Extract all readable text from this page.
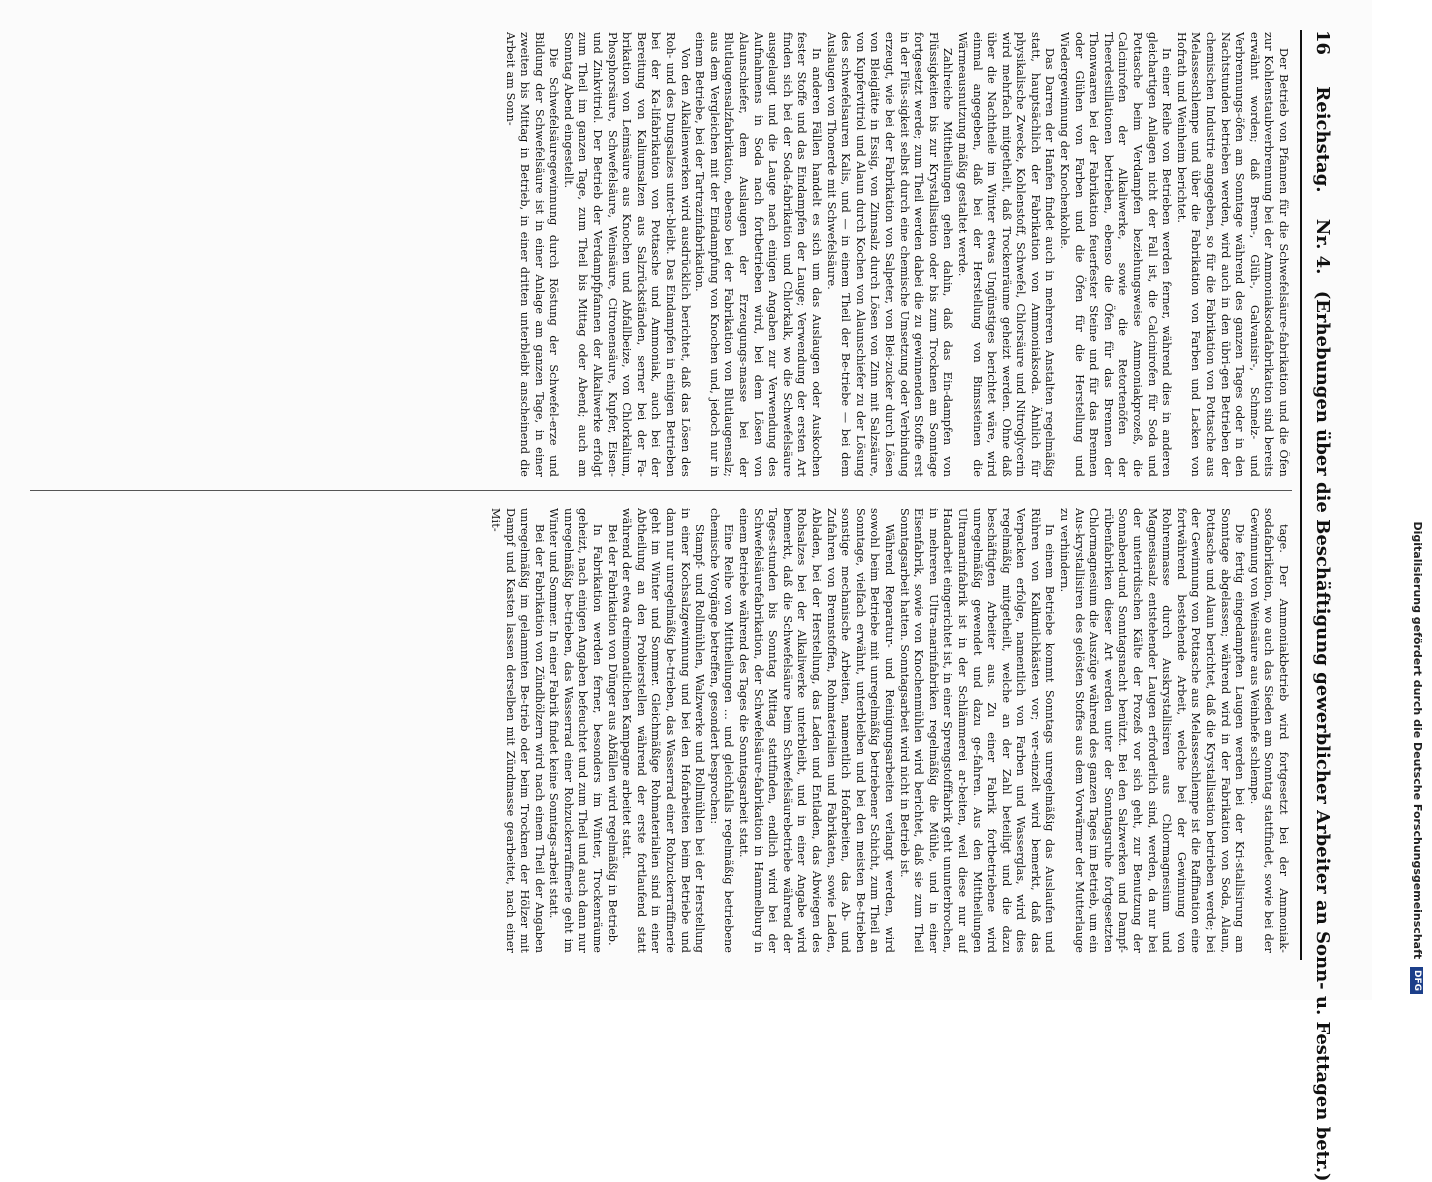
16 Reichstag. Nr. 4. (Erhebungen über die Beschäftigung gewerblicher Arbeiter an Sonn- u. Festtagen betr.)

Der Betrieb von Pfannen für die Schwefelsäure-fabrikation und die Öfen zur Kohlenstaubverbrennung bei der Ammoniaksodafabrikation sind bereits erwähnt worden; daß Brenn-, Glüh-, Galvanisir-, Schmelz- und Verbrennungs-öfen am Sonntage während des ganzen Tages oder in den Nachtstunden betrieben werden, wird auch in den übri-gen Betrieben der chemischen Industrie angegeben, so für die Fabrikation von Pottasche aus Melasseschlempe und über die Fabrikation von Farben und Lacken von Hofrath und Weinheim berichtet.

In einer Reihe von Betrieben werden ferner, während dies in anderen gleichartigen Anlagen nicht der Fall ist, die Calcinirofen für Soda und Pottasche beim Verdampfen beziehungsweise Ammoniakprozeß, die Calcinirofen der Alkaliwerke, sowie die Retortenöfen der Theerdestillationen betrieben, ebenso die Öfen für das Brennen der Thonwaaren bei der Fabrikation feuerfester Steine und für das Brennen oder Glühen von Farben und die Öfen für die Herstellung und Wiedergewinnung der Knochenkohle.

Das Darren der Hanfen findet auch in mehreren Anstalten regelmäßig statt, hauptsächlich der Fabrikation von Ammoniaksoda. Ähnlich für physikalische Zwecke, Kohlenstoff, Schwefel, Chlorsäure und Nitroglycerin wird mehrfach mitgetheilt, daß Trockenräume geheizt werden. Ohne daß über die Nachtheile im Winter etwas Ungünstiges berichtet wäre, wird einmal angegeben, daß bei der Herstellung von Bimssteinen die Wärmeausnutzung mäßig gestaltet werde.

Zahlreiche Mittheilungen gehen dahin, daß das Ein-dampfen von Flüssigkeiten bis zur Krystallisation oder bis zum Trocknen am Sonntage fortgesetzt werde; zum Theil werden dabei die zu gewinnenden Stoffe erst in der Flüs-sigkeit selbst durch eine chemische Umsetzung oder Verbindung erzeugt, wie bei der Fabrikation von Salpeter, von Blei-zucker durch Lösen von Bleiglätte in Essig, von Zinnsalz durch Lösen von Zinn mit Salzsäure, von Kupfervitriol und Alaun durch Kochen von Alaunschiefer zu der Lösung des schwefelsauren Kalis, und — in einem Theil der Be-triebe — bei dem Auslaugen von Thonerde mit Schwefelsäure.

In anderen Fällen handelt es sich um das Auslaugen oder Auskochen fester Stoffe und das Eindampfen der Lauge; Verwendung der ersten Art finden sich bei der Soda-fabrikation und Chlorkalk, wo die Schwefelsäure ausgelaugt und die Lauge nach einigen Angaben zur Verwendung des Aufnahmens in Soda nach fortbetrieben wird, bei dem Lösen von Alaunschiefer, dem Auslaugen der Erzeugungs-masse bei der Blutlaugensalzfabrikation, ebenso bei der Fabrikation von Blutlaugensalz; aus dem Vergleichen mit der Eindampfung von Knochen und, jedoch nur in einem Betriebe, bei der Tartrazinfabrikation.

Von den Alkalienwerken wird ausdrücklich berichtet, daß das Lösen des Roh- und des Dungsalzes unter-bleibt. Das Eindampfen in einigen Betrieben bei der Ka-lifabrikation von Pottasche und Ammoniak, auch bei der Bereitung von Kaliumsalzen aus Salzrückständen, serner bei der Fa-brikation von Leimsäure aus Knochen und Abfallbeize, von Chlorkalium, Phosphorsäure, Schwefelsäure, Weinsäure, Citronensäure, Kupfer, Eisen- und Zinkvitriol. Der Betrieb der Verdampfpfannen der Alkaliwerke erfolgt zum Theil im ganzen Tage, zum Theil bis Mittag oder Abend; auch am Sonntag Abend eingestellt.

Die Schwefelsäuregewinnung durch Röstung der Schwefel-erze und Bildung der Schwefelsäure ist in einer Anlage am ganzen Tage, in einer zweiten bis Mittag in Betrieb, in einer dritten unterbleibt anscheinend die Arbeit am Sonn-

tage. Der Ammoniakbetrieb wird fortgesetzt bei der Ammoniak-sodafabrikation, wo auch das Sieden am Sonntag stattfindet, sowie bei der Gewinnung von Weinsäure aus Weinhefe schlempe.

Die fertig eingedampften Laugen werden bei der Kri-stallisirung am Sonntage abgelassen; während wird in der Fabrikation von Soda, Alaun, Pottasche und Alaun berichtet, daß die Krystallisation betrieben werde; bei der Gewinnung von Pottasche aus Melasseschlempe ist die Raffination eine fortwährend bestehende Arbeit, welche bei der Gewinnung von Rohrenmasse durch Auskrystallisiren aus Chlormagnesium und Magnesiasalz entstehender Laugen erforderlich sind, werden, da nur bei der unterirdischen Kälte der Prozeß vor sich geht, zur Benutzung der Sonnabend-und Sonntagsnacht benützt. Bei den Salzwerken und Dampf-rübenfabriken dieser Art werden unter der Sonntagsruhe fortgesetzten Chlormagnesium die Auszüge während des ganzen Tages im Betrieb, um ein Aus-krystallisiren des gelösten Stoffes aus dem Vorwärmer der Mutterlauge zu verhindern.

In einem Betriebe kommt Sonntags unregelmäßig das Auslaufen und Rühren von Kalkmilchkästen vor; ver-einzelt wird bemerkt, daß das Verpacken erfolge, namentlich von Farben und Wasserglas, wird dies regelmäßig mitgetheilt, welche an der Zahl beteiligt und die dazu beschäftigten Arbeiter aus. Zu einer Fabrik fortbetriebene wird unregelmäßig gewendet und dazu ge-fahren. Aus den Mittheilungen Ultramarinfabrik ist in der Schlämmerei ar-beiten, weil diese nur auf Handarbeit eingerichtet ist, in einer Sprengstofffabrik geht ununterbrochen, in mehreren Ultra-marinfabriken regelmäßig die Mühle, und in einer Eisenfabrik, sowie von Knochenmühlen wird berichtet, daß sie zum Theil Sonntagsarbeit hatten. Sonntagsarbeit wird nicht in Betrieb ist.

Während Reparatur- und Reinigungsarbeiten verlangt werden, wird sowohl beim Betriebe mit unregelmäßig betriebener Schicht, zum Theil an Sonntage, vielfach erwähnt, unterbleiben und bei den meisten Be-trieben sonstige mechanische Arbeiten, namentlich Hofarbeiten, das Ab- und Zufahren von Brennstoffen, Rohmaterialien und Fabrikaten, sowie Laden, Abladen, bei der Herstellung, das Laden und Entladen, das Abwiegen des Rohsalzes bei der Alkaliwerke unterbleibt, und in einer Angabe wird bemerkt, daß die Schwefelsäure beim Schwefelsäurebetriebe während der Tages-stunden bis Sonntag Mittag stattfinden, endlich wird bei der Schwefelsäurefabrikation, der Schwefelsäure-fabrikation in Hammelburg in einem Betriebe während des Tages die Sonntagsarbeit statt.

Eine Reihe von Mittheilungen ... und gleichfalls regelmäßig betriebene chemische Vorgänge betreffen, gesondert besprochen:

Stampf- und Rollmühlen, Walzwerke und Rollmühlen bei der Herstellung in einer Kochsalzgewinnung und bei den Hofarbeiten beim Betriebe und dann nur unregelmäßig be-trieben, das Wasserrad einer Rohzuckerraffinerie geht im Winter und Sommer. Gleichmäßige Rohmaterialien sind in einer Abtheilung an den Probierstellen während der erste fortlaufend statt während der etwa dreimonatlichen Kampagne arbeitet statt.

Bei der Fabrikation von Dünger aus Abfällen wird regelmäßig in Betrieb.

In Fabrikation werden ferner, besonders im Winter, Trockenräume geheizt, nach einigen Angaben befeuchtet und zum Theil und auch dann nur unregelmäßig be-trieben, das Wasserrad einer Rohzuckerraffinerie geht im Winter und Sommer. In einer Fabrik findet keine Sonntags-arbeit statt.

Bei der Fabrikation von Zündhölzern wird nach einem Theil der Angaben unregelmäßig im gelammten Be-trieb oder beim Trocknen der Hölzer mit Dampf und Kasten lassen derselben mit Zündmasse gearbeitet, nach einer Mit-

Digitalisierung gefördert durch die Deutsche Forschungsgemeinschaft DFG
